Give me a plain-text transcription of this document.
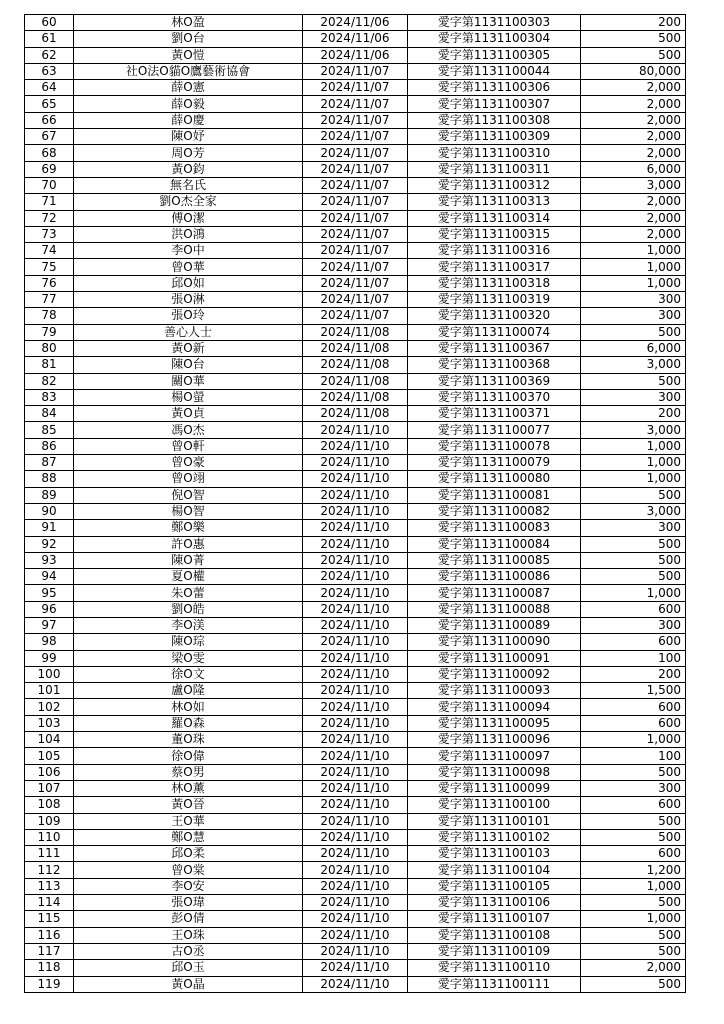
60	林O盈	2024/11/06	愛字第1131100303	200
61	劉O台	2024/11/06	愛字第1131100304	500
62	黃O愷	2024/11/06	愛字第1131100305	500
63	社O法O貓O鷹藝術協會	2024/11/07	愛字第1131100044	80,000
64	薛O憲	2024/11/07	愛字第1131100306	2,000
65	薛O毅	2024/11/07	愛字第1131100307	2,000
66	薛O慶	2024/11/07	愛字第1131100308	2,000
67	陳O妤	2024/11/07	愛字第1131100309	2,000
68	周O芳	2024/11/07	愛字第1131100310	2,000
69	黃O鈞	2024/11/07	愛字第1131100311	6,000
70	無名氏	2024/11/07	愛字第1131100312	3,000
71	劉O杰全家	2024/11/07	愛字第1131100313	2,000
72	傅O潔	2024/11/07	愛字第1131100314	2,000
73	洪O鴻	2024/11/07	愛字第1131100315	2,000
74	李O中	2024/11/07	愛字第1131100316	1,000
75	曾O華	2024/11/07	愛字第1131100317	1,000
76	邱O如	2024/11/07	愛字第1131100318	1,000
77	張O淋	2024/11/07	愛字第1131100319	300
78	張O玲	2024/11/07	愛字第1131100320	300
79	善心人士	2024/11/08	愛字第1131100074	500
80	黃O新	2024/11/08	愛字第1131100367	6,000
81	陳O台	2024/11/08	愛字第1131100368	3,000
82	關O華	2024/11/08	愛字第1131100369	500
83	楊O螢	2024/11/08	愛字第1131100370	300
84	黃O貞	2024/11/08	愛字第1131100371	200
85	馮O杰	2024/11/10	愛字第1131100077	3,000
86	曾O軒	2024/11/10	愛字第1131100078	1,000
87	曾O豪	2024/11/10	愛字第1131100079	1,000
88	曾O翊	2024/11/10	愛字第1131100080	1,000
89	倪O智	2024/11/10	愛字第1131100081	500
90	楊O智	2024/11/10	愛字第1131100082	3,000
91	鄭O樂	2024/11/10	愛字第1131100083	300
92	許O惠	2024/11/10	愛字第1131100084	500
93	陳O菁	2024/11/10	愛字第1131100085	500
94	夏O權	2024/11/10	愛字第1131100086	500
95	朱O蕾	2024/11/10	愛字第1131100087	1,000
96	劉O皓	2024/11/10	愛字第1131100088	600
97	李O渼	2024/11/10	愛字第1131100089	300
98	陳O琮	2024/11/10	愛字第1131100090	600
99	梁O雯	2024/11/10	愛字第1131100091	100
100	徐O文	2024/11/10	愛字第1131100092	200
101	盧O隆	2024/11/10	愛字第1131100093	1,500
102	林O如	2024/11/10	愛字第1131100094	600
103	羅O森	2024/11/10	愛字第1131100095	600
104	董O珠	2024/11/10	愛字第1131100096	1,000
105	徐O偉	2024/11/10	愛字第1131100097	100
106	蔡O男	2024/11/10	愛字第1131100098	500
107	林O薰	2024/11/10	愛字第1131100099	300
108	黃O晉	2024/11/10	愛字第1131100100	600
109	王O華	2024/11/10	愛字第1131100101	500
110	鄭O慧	2024/11/10	愛字第1131100102	500
111	邱O柔	2024/11/10	愛字第1131100103	600
112	曾O棠	2024/11/10	愛字第1131100104	1,200
113	李O安	2024/11/10	愛字第1131100105	1,000
114	張O瑋	2024/11/10	愛字第1131100106	500
115	彭O倩	2024/11/10	愛字第1131100107	1,000
116	王O珠	2024/11/10	愛字第1131100108	500
117	古O丞	2024/11/10	愛字第1131100109	500
118	邱O玉	2024/11/10	愛字第1131100110	2,000
119	黃O晶	2024/11/10	愛字第1131100111	500
